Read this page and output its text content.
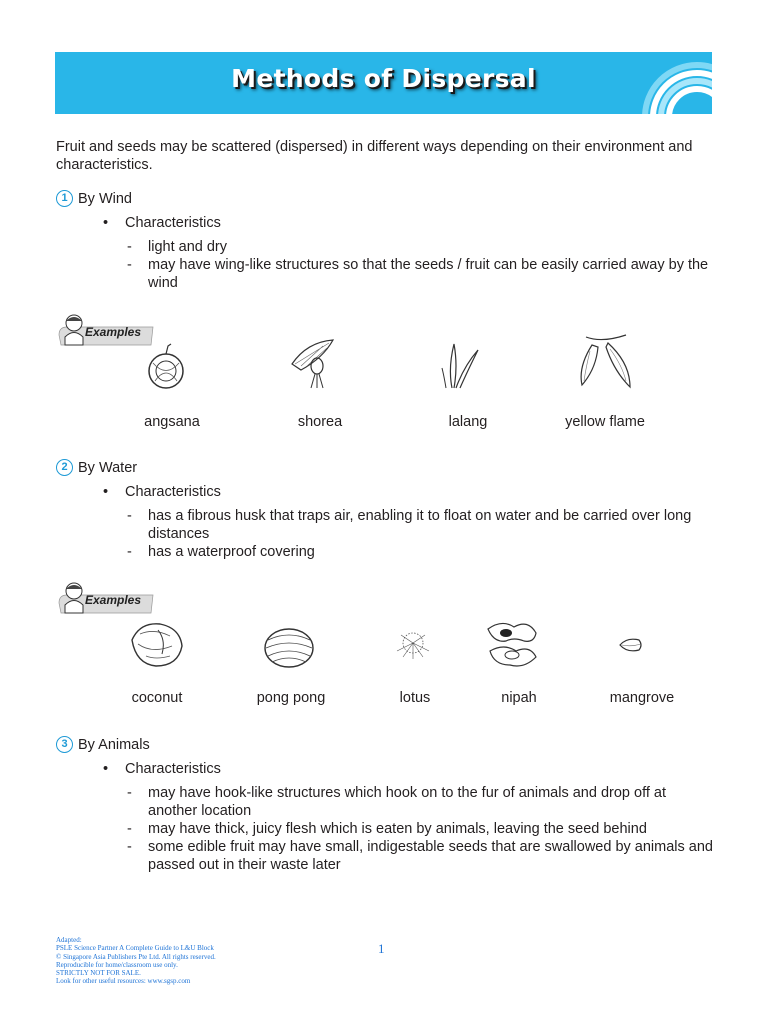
Methods of Dispersal
Fruit and seeds may be scattered (dispersed) in different ways depending on their environment and characteristics.
1 By Wind
• Characteristics
- light and dry
- may have wing-like structures so that the seeds / fruit can be easily carried away by the wind
Examples
angsana	shorea	lalang	yellow flame
2 By Water
• Characteristics
- has a fibrous husk that traps air, enabling it to float on water and be carried over long distances
- has a waterproof covering
Examples
coconut	pong pong	lotus	nipah	mangrove
3 By Animals
• Characteristics
- may have hook-like structures which hook on to the fur of animals and drop off at another location
- may have thick, juicy flesh which is eaten by animals, leaving the seed behind
- some edible fruit may have small, indigestable seeds that are swallowed by animals and passed out in their waste later
Adapted:
PSLE Science Partner A Complete Guide to L&U Block
© Singapore Asia Publishers Pte Ltd. All rights reserved.
Reproducible for home/classroom use only.
STRICTLY NOT FOR SALE.
Look for other useful resources: www.sgsp.com
1
